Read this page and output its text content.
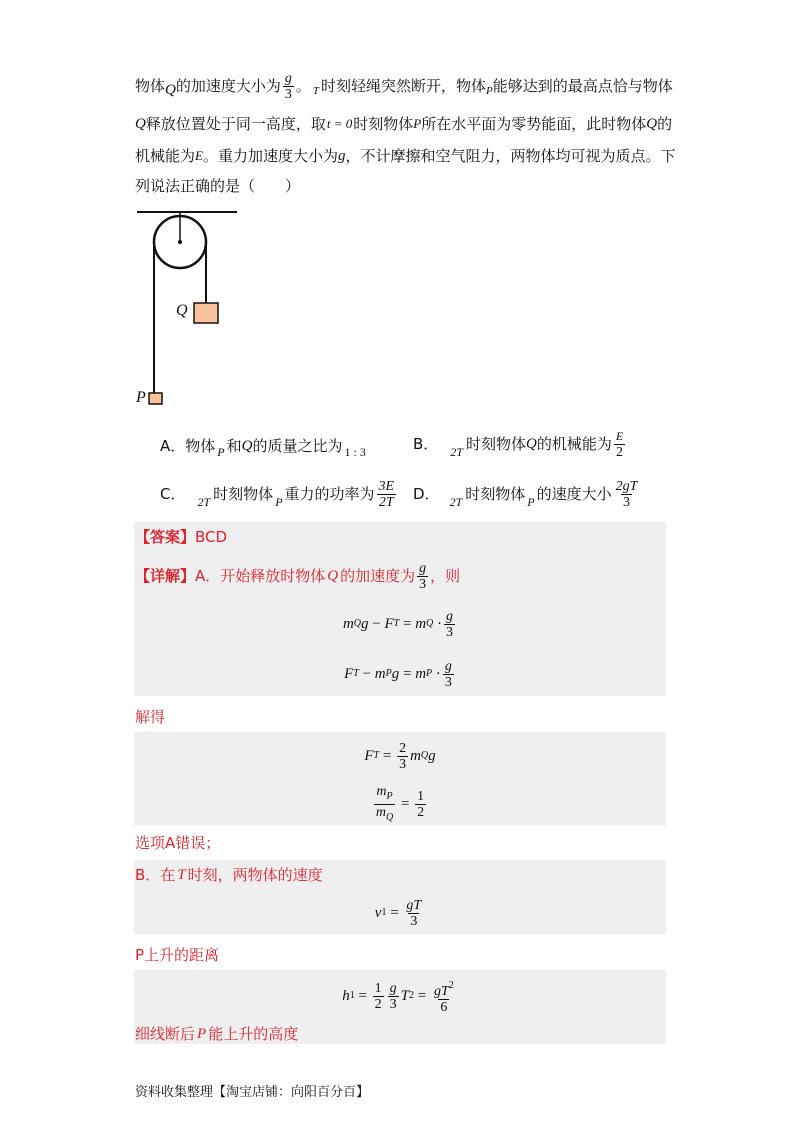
物体 Q 的加速度大小为 $\frac{g}{3}$ 。 T 时刻轻绳突然断开，物体 P 能够达到的最高点恰与物体
Q 释放位置处于同一高度，取 t = 0 时刻物体 P 所在水平面为零势能面，此时物体 Q 的
机械能为 E 。重力加速度大小为 g ，不计摩擦和空气阻力，两物体均可视为质点。下
列说法正确的是（　　）
Q
P
A．物体 P 和 Q 的质量之比为 1 : 3	B． 2T 时刻物体 Q 的机械能为 $\frac{E}{2}$
C． 2T 时刻物体 P 重力的功率为 $\frac{3E}{2T}$ D． 2T 时刻物体 P 的速度大小 $\frac{2gT}{3}$
【答案】BCD
【详解】 A．开始释放时物体 Q 的加速度为 $\frac{g}{3}$ ，则
m Q g − F T = m $Q \cdot \frac{g}{3}$
F T − m P g = m $P \cdot \frac{g}{3}$
解得
F $T = \frac{2}{3}$ m Q g
$\frac{m_P}{m_Q} = \frac{1}{2}$
选项A错误；
B．在 T 时刻，两物体的速度
v $1 = \frac{gT}{3}$
P上升的距离
h $1 = \frac{1}{2} \frac{g}{3}$ T $2 = \frac{gT^2}{6}$
细线断后 P 能上升的高度
资料收集整理【淘宝店铺：向阳百分百】
